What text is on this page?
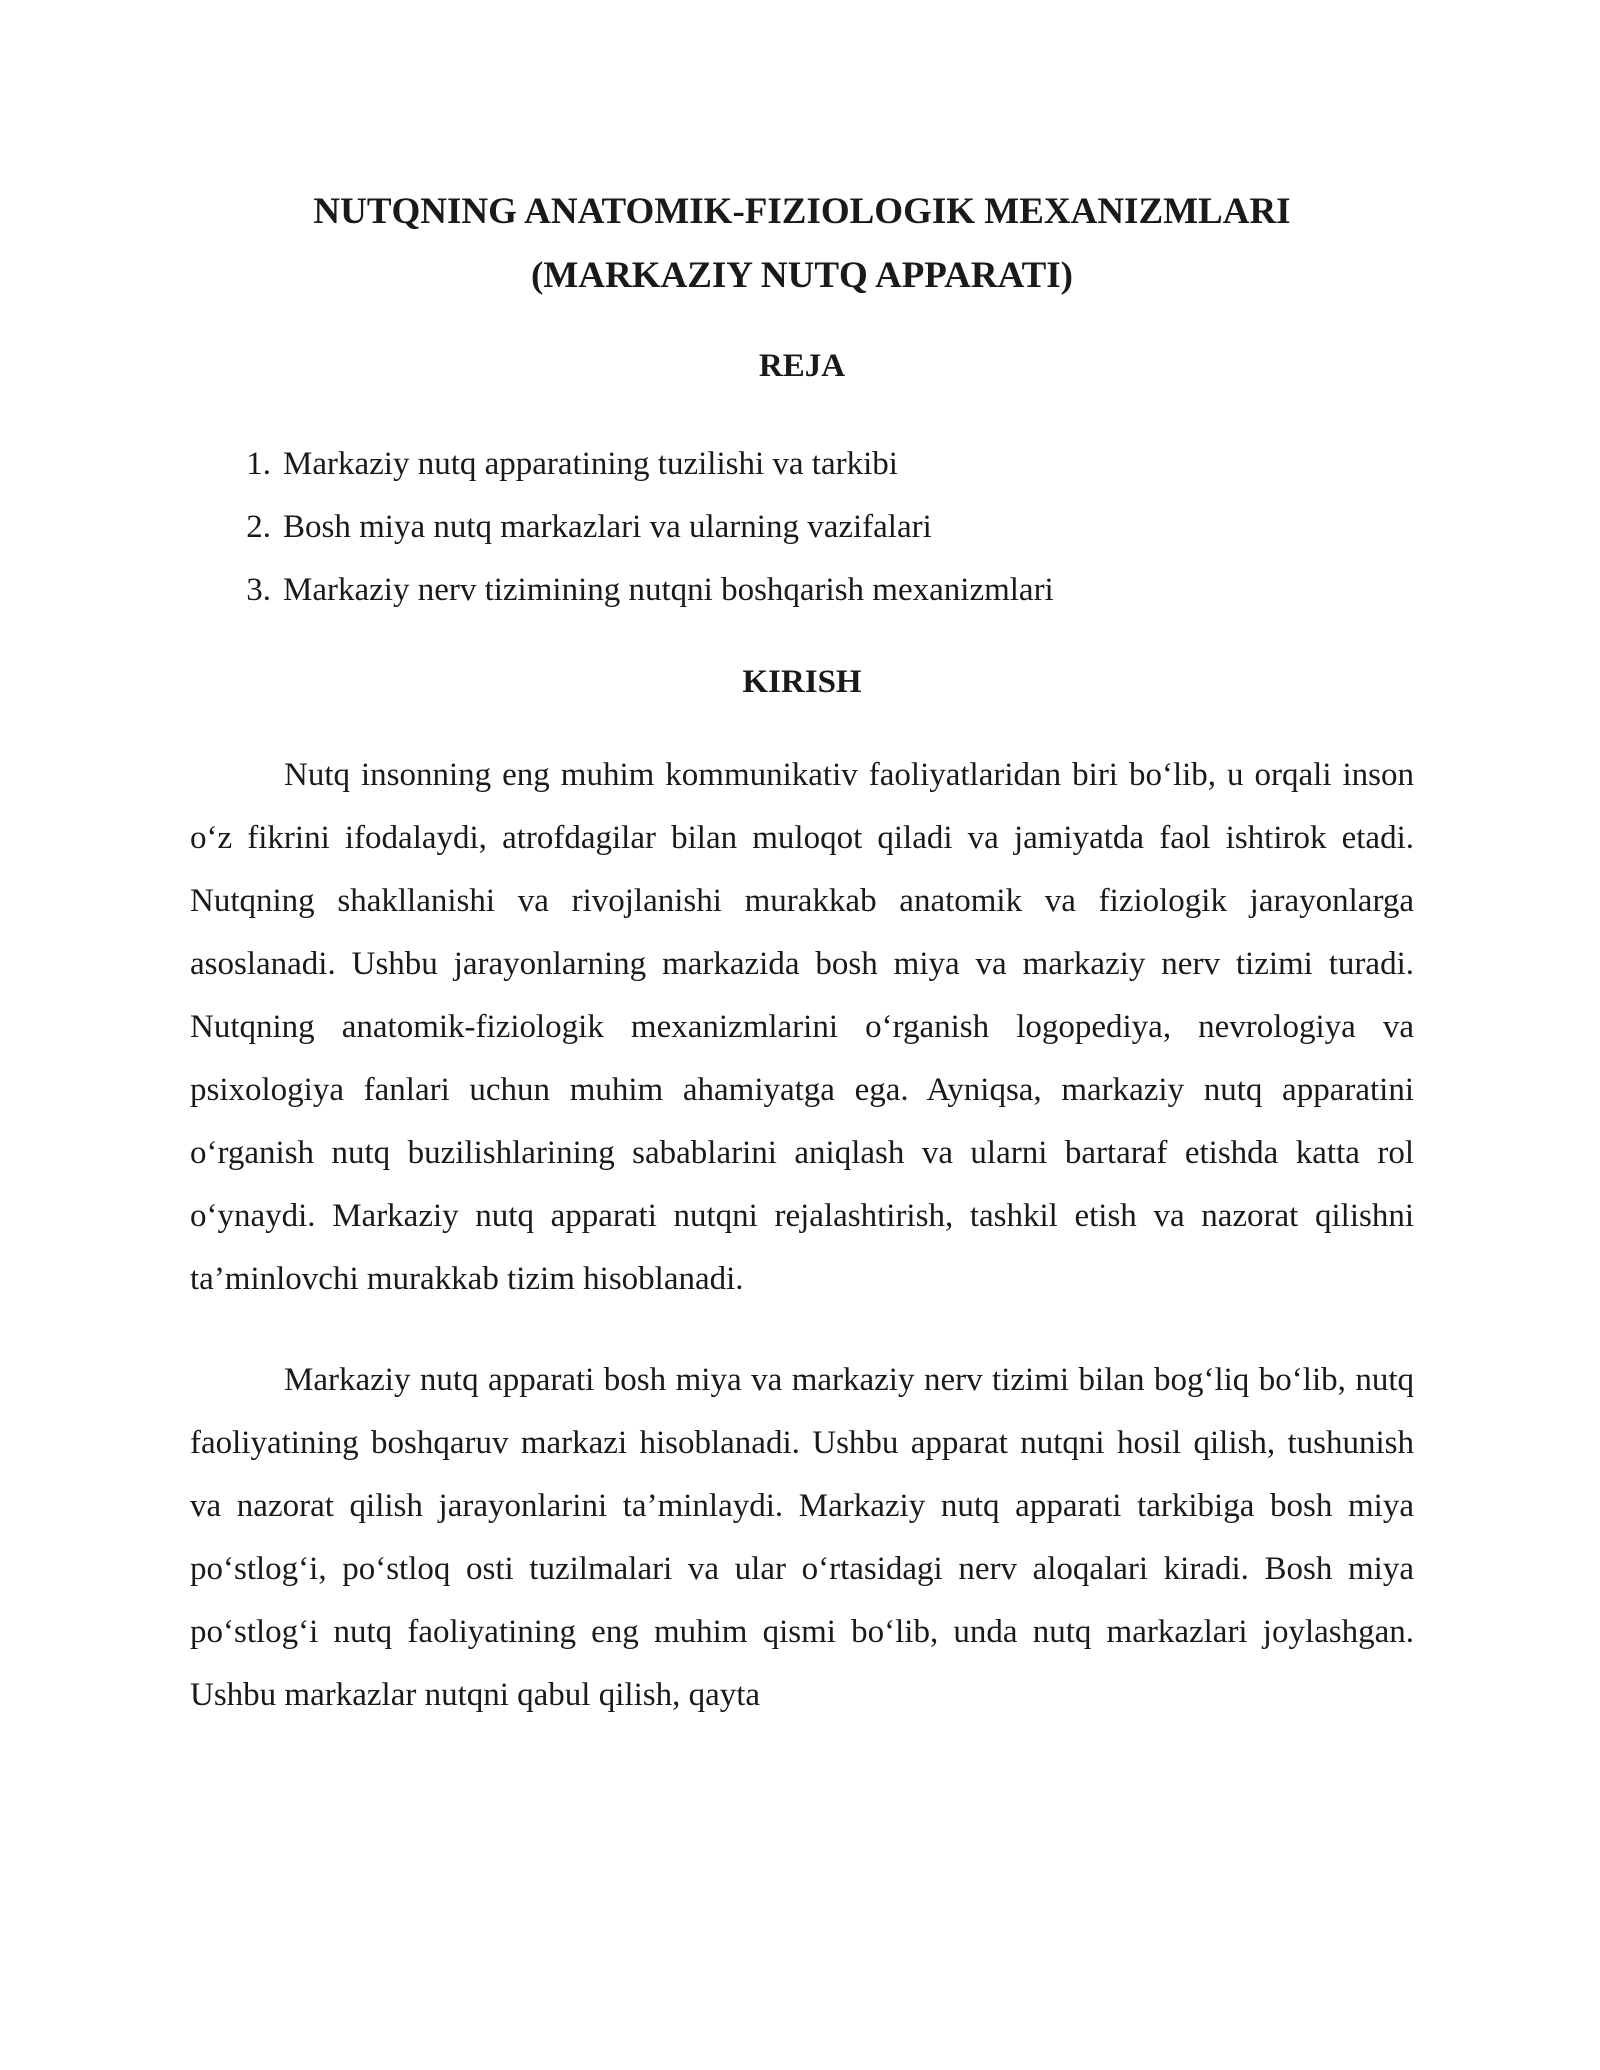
NUTQNING ANATOMIK-FIZIOLOGIK MEXANIZMLARI
(MARKAZIY NUTQ APPARATI)
REJA
1. Markaziy nutq apparatining tuzilishi va tarkibi
2. Bosh miya nutq markazlari va ularning vazifalari
3. Markaziy nerv tizimining nutqni boshqarish mexanizmlari
KIRISH

Nutq insonning eng muhim kommunikativ faoliyatlaridan biri bo‘lib, u orqali inson o‘z fikrini ifodalaydi, atrofdagilar bilan muloqot qiladi va jamiyatda faol ishtirok etadi. Nutqning shakllanishi va rivojlanishi murakkab anatomik va fiziologik jarayonlarga asoslanadi. Ushbu jarayonlarning markazida bosh miya va markaziy nerv tizimi turadi. Nutqning anatomik-fiziologik mexanizmlarini o‘rganish logopediya, nevrologiya va psixologiya fanlari uchun muhim ahamiyatga ega. Ayniqsa, markaziy nutq apparatini o‘rganish nutq buzilishlarining sabablarini aniqlash va ularni bartaraf etishda katta rol o‘ynaydi. Markaziy nutq apparati nutqni rejalashtirish, tashkil etish va nazorat qilishni ta’minlovchi murakkab tizim hisoblanadi.

Markaziy nutq apparati bosh miya va markaziy nerv tizimi bilan bog‘liq bo‘lib, nutq faoliyatining boshqaruv markazi hisoblanadi. Ushbu apparat nutqni hosil qilish, tushunish va nazorat qilish jarayonlarini ta’minlaydi. Markaziy nutq apparati tarkibiga bosh miya po‘stlog‘i, po‘stloq osti tuzilmalari va ular o‘rtasidagi nerv aloqalari kiradi. Bosh miya po‘stlog‘i nutq faoliyatining eng muhim qismi bo‘lib, unda nutq markazlari joylashgan. Ushbu markazlar nutqni qabul qilish, qayta
